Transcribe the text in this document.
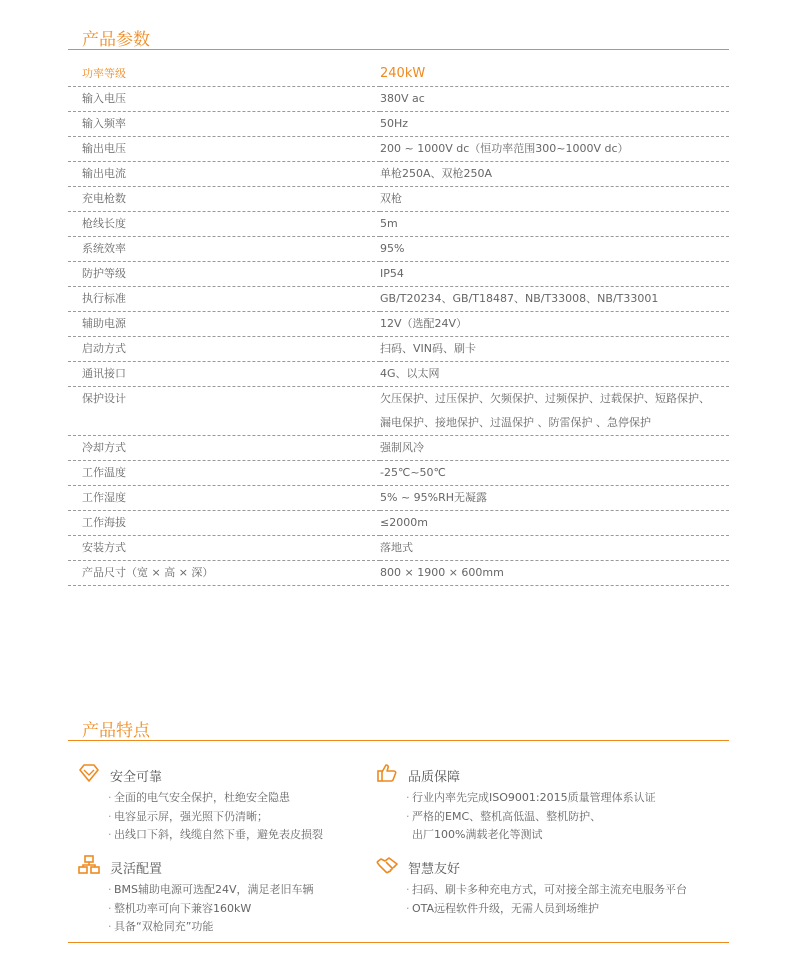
产品参数
功率等级	240kW
输入电压	380V ac
输入频率	50Hz
输出电压	200 ~ 1000V dc（恒功率范围300~1000V dc）
输出电流	单枪250A、双枪250A
充电枪数	双枪
枪线长度	5m
系统效率	95%
防护等级	IP54
执行标准	GB/T20234、GB/T18487、NB/T33008、NB/T33001
辅助电源	12V（选配24V）
启动方式	扫码、VIN码、刷卡
通讯接口	4G、以太网
保护设计	欠压保护、过压保护、欠频保护、过频保护、过载保护、短路保护、
漏电保护、接地保护、过温保护 、防雷保护 、急停保护

冷却方式	强制风冷
工作温度	-25℃~50℃
工作湿度	5% ~ 95%RH无凝露
工作海拔	≤2000m
安装方式	落地式
产品尺寸（宽 × 高 × 深）	800 × 1900 × 600mm
产品特点
安全可靠
· 全面的电气安全保护，杜绝安全隐患
· 电容显示屏，强光照下仍清晰；
· 出线口下斜，线缆自然下垂，避免表皮损裂
品质保障
· 行业内率先完成ISO9001:2015质量管理体系认证
· 严格的EMC、整机高低温、整机防护、
出厂100%满载老化等测试
灵活配置
· BMS辅助电源可选配24V，满足老旧车辆
· 整机功率可向下兼容160kW
· 具备“双枪同充”功能
智慧友好
· 扫码、刷卡多种充电方式，可对接全部主流充电服务平台
· OTA远程软件升级，无需人员到场维护
